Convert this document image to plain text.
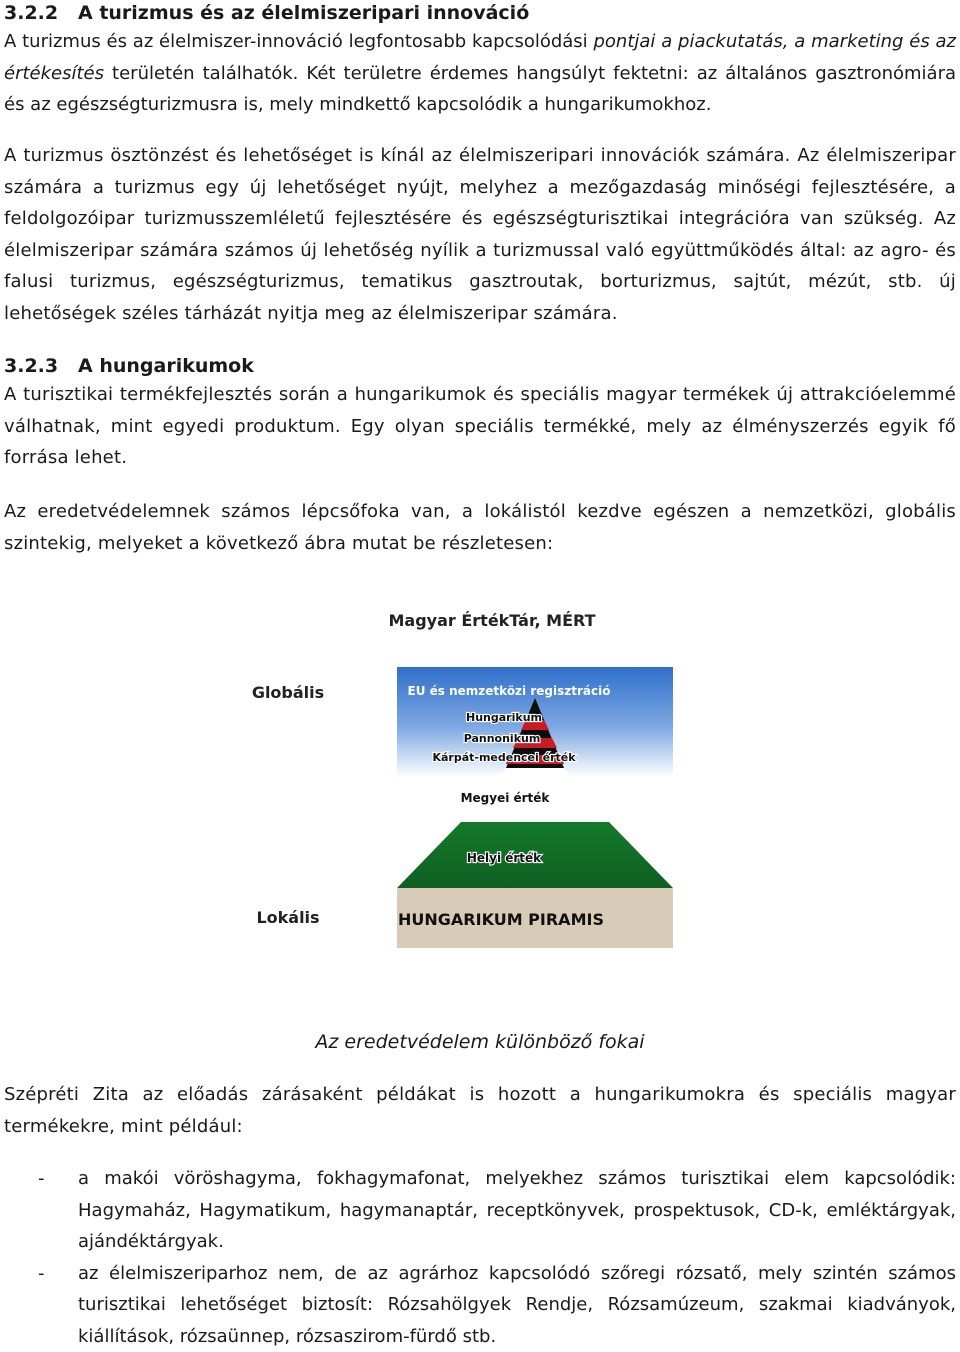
3.2.2 A turizmus és az élelmiszeripari innováció

A turizmus és az élelmiszer-innováció legfontosabb kapcsolódási pontjai a piackutatás, a marketing és az értékesítés területén találhatók. Két területre érdemes hangsúlyt fektetni: az általános gasztronómiára és az egészségturizmusra is, mely mindkettő kapcsolódik a hungarikumokhoz.

A turizmus ösztönzést és lehetőséget is kínál az élelmiszeripari innovációk számára. Az élelmiszeripar számára a turizmus egy új lehetőséget nyújt, melyhez a mezőgazdaság minőségi fejlesztésére, a feldolgozóipar turizmusszemléletű fejlesztésére és egészségturisztikai integrációra van szükség. Az élelmiszeripar számára számos új lehetőség nyílik a turizmussal való együttműködés által: az agro- és falusi turizmus, egészségturizmus, tematikus gasztroutak, borturizmus, sajtút, mézút, stb. új lehetőségek széles tárházát nyitja meg az élelmiszeripar számára.

3.2.3 A hungarikumok

A turisztikai termékfejlesztés során a hungarikumok és speciális magyar termékek új attrakcióelemmé válhatnak, mint egyedi produktum. Egy olyan speciális termékké, mely az élményszerzés egyik fő forrása lehet.

Az eredetvédelemnek számos lépcsőfoka van, a lokálistól kezdve egészen a nemzetközi, globális szintekig, melyeket a következő ábra mutat be részletesen:

Magyar ÉrtékTár, MÉRT
Globális
Lokális
EU és nemzetközi regisztráció
Hungarikum
Pannonikum
Kárpát-medencei érték
Megyei érték
Helyi érték
HUNGARIKUM PIRAMIS
Az eredetvédelem különböző fokai

Szépréti Zita az előadás zárásaként példákat is hozott a hungarikumokra és speciális magyar termékekre, mint például:

- a makói vöröshagyma, fokhagymafonat, melyekhez számos turisztikai elem kapcsolódik: Hagymaház, Hagymatikum, hagymanaptár, receptkönyvek, prospektusok, CD-k, emléktárgyak, ajándéktárgyak.
- az élelmiszeriparhoz nem, de az agrárhoz kapcsolódó szőregi rózsatő, mely szintén számos turisztikai lehetőséget biztosít: Rózsahölgyek Rendje, Rózsamúzeum, szakmai kiadványok, kiállítások, rózsaünnep, rózsaszirom-fürdő stb.
